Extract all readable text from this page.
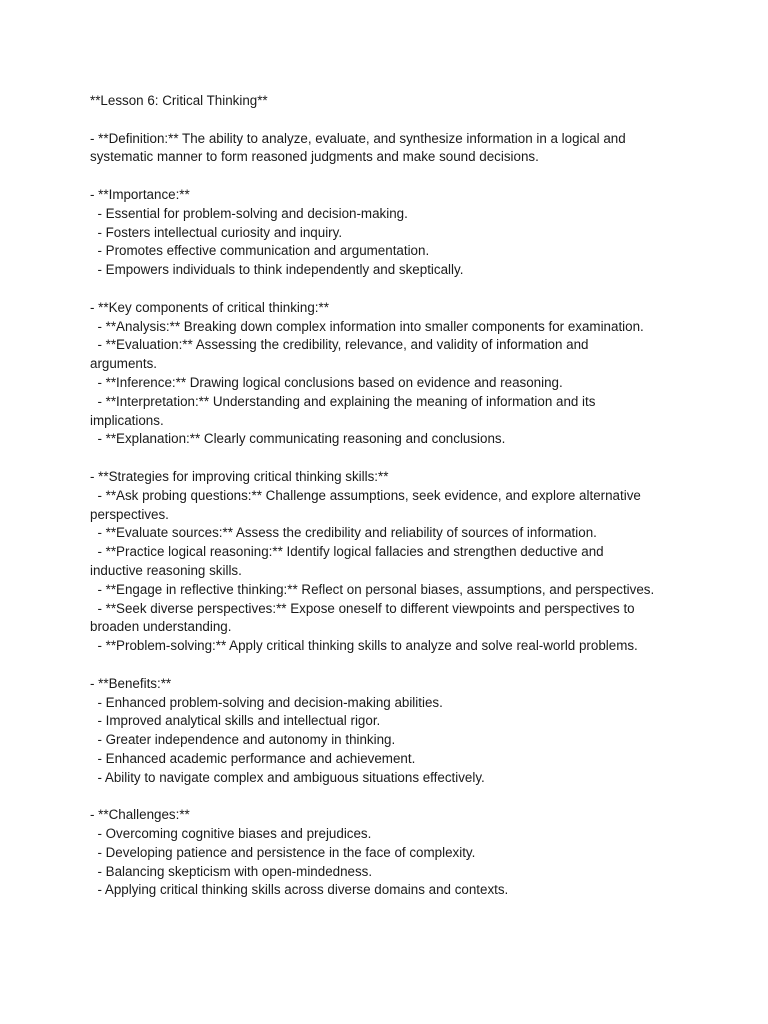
**Lesson 6: Critical Thinking**
- **Definition:** The ability to analyze, evaluate, and synthesize information in a logical and
systematic manner to form reasoned judgments and make sound decisions.
- **Importance:**
- Essential for problem-solving and decision-making.
- Fosters intellectual curiosity and inquiry.
- Promotes effective communication and argumentation.
- Empowers individuals to think independently and skeptically.
- **Key components of critical thinking:**
- **Analysis:** Breaking down complex information into smaller components for examination.
- **Evaluation:** Assessing the credibility, relevance, and validity of information and
arguments.
- **Inference:** Drawing logical conclusions based on evidence and reasoning.
- **Interpretation:** Understanding and explaining the meaning of information and its
implications.
- **Explanation:** Clearly communicating reasoning and conclusions.
- **Strategies for improving critical thinking skills:**
- **Ask probing questions:** Challenge assumptions, seek evidence, and explore alternative
perspectives.
- **Evaluate sources:** Assess the credibility and reliability of sources of information.
- **Practice logical reasoning:** Identify logical fallacies and strengthen deductive and
inductive reasoning skills.
- **Engage in reflective thinking:** Reflect on personal biases, assumptions, and perspectives.
- **Seek diverse perspectives:** Expose oneself to different viewpoints and perspectives to
broaden understanding.
- **Problem-solving:** Apply critical thinking skills to analyze and solve real-world problems.
- **Benefits:**
- Enhanced problem-solving and decision-making abilities.
- Improved analytical skills and intellectual rigor.
- Greater independence and autonomy in thinking.
- Enhanced academic performance and achievement.
- Ability to navigate complex and ambiguous situations effectively.
- **Challenges:**
- Overcoming cognitive biases and prejudices.
- Developing patience and persistence in the face of complexity.
- Balancing skepticism with open-mindedness.
- Applying critical thinking skills across diverse domains and contexts.
